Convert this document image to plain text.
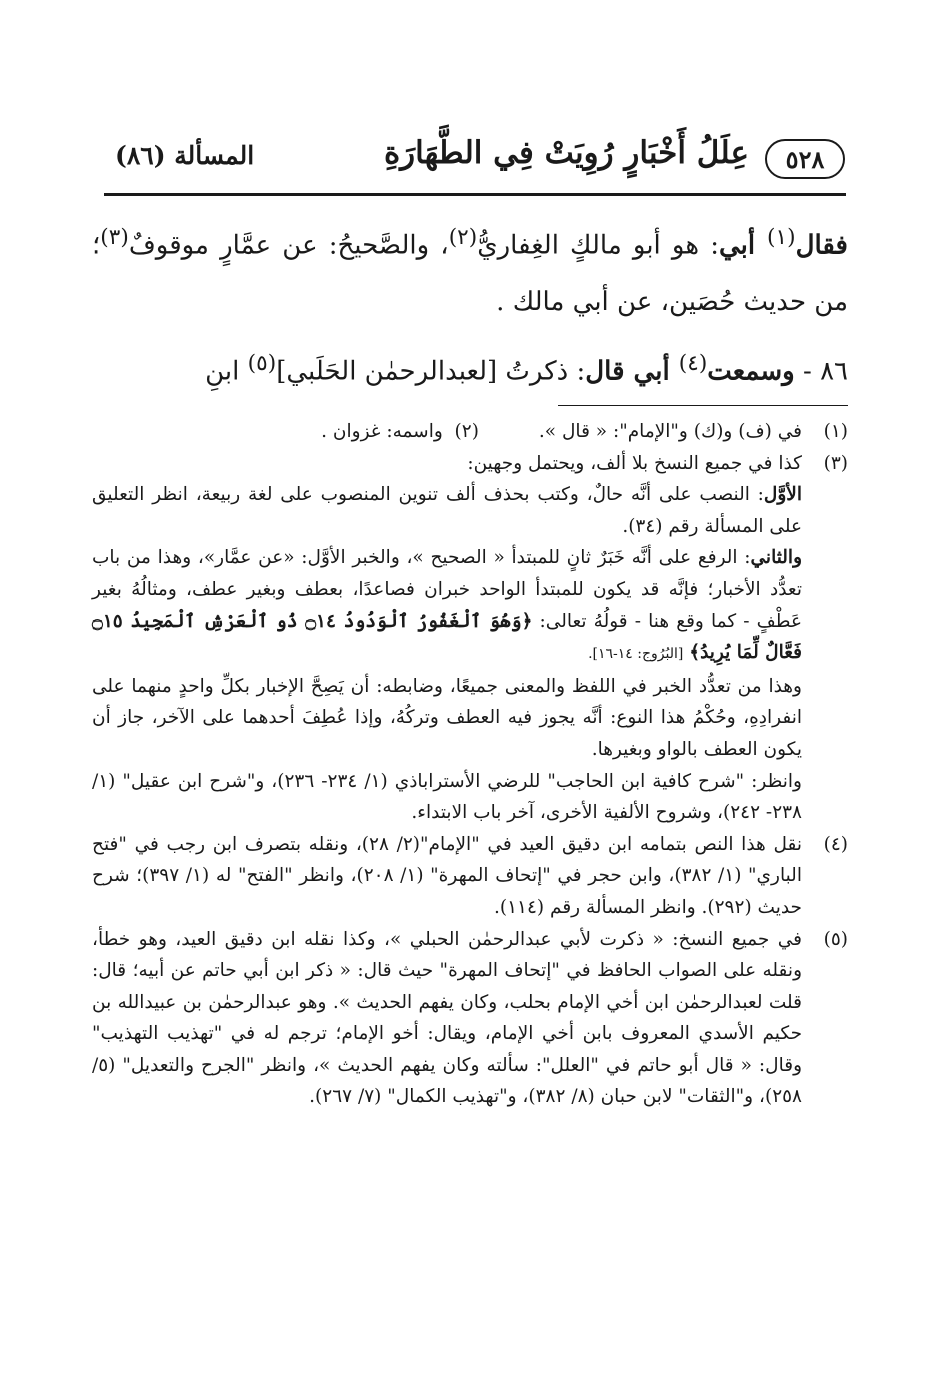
٥٢٨
عِلَلُ أَخْبَارٍ رُوِيَتْ فِي الطَّهَارَةِ
المسألة (٨٦)

فقال$^{(١)}$ أبي: هو أبو مالكٍ الغِفاريُّ$^{(٢)}$، والصَّحيحُ: عن عمَّارٍ موقوفٌ$^{(٣)}$؛ من حديث حُصَين، عن أبي مالك .

٨٦ - وسمعت$^{(٤)}$ أبي قال: ذكرتُ [لعبدالرحمٰن الحَلَبي]$^{(٥)}$ ابنِ

(١)
في (ف) و(ك) و"الإمام": « قال ».
(٢)

واسمه: غزوان .
(٣)

كذا في جميع النسخ بلا ألف، ويحتمل وجهين:

الأوَّل: النصب على أنَّه حالٌ، وكتب بحذف ألف تنوين المنصوب على لغة ربيعة، انظر التعليق على المسألة رقم (٣٤).

والثاني: الرفع على أنَّه خَبَرٌ ثانٍ للمبتدأ « الصحيح »، والخبر الأوَّل: «عن عمَّار»، وهذا من باب تعدُّد الأخبار؛ فإنَّه قد يكون للمبتدأ الواحد خبران فصاعدًا، بعطف وبغير عطف، ومثالُهُ بغير عَطْفٍ - كما وقع هنا - قولُهُ تعالى: ﴿وَهُوَ ٱلْغَفُورُ ٱلْوَدُودُ ۝١٤ ذُو ٱلْعَرْشِ ٱلْمَجِيدُ ۝١٥ فَعَّالٌ لِّمَا يُرِيدُ﴾ [البُرُوج: ١٤-١٦].

وهذا من تعدُّد الخبر في اللفظ والمعنى جميعًا، وضابطه: أن يَصِحَّ الإخبار بكلِّ واحدٍ منهما على انفرادِهِ، وحُكْمُ هذا النوع: أنَّه يجوز فيه العطف وتركُهُ، وإذا عُطِفَ أحدهما على الآخر، جاز أن يكون العطف بالواو وبغيرها.

وانظر: "شرح كافية ابن الحاجب" للرضي الأستراباذي (١/ ٢٣٤- ٢٣٦)، و"شرح ابن عقيل" (١/ ٢٣٨- ٢٤٢)، وشروح الألفية الأخرى، آخر باب الابتداء.

(٤)
نقل هذا النص بتمامه ابن دقيق العيد في "الإمام"(٢/ ٢٨)، ونقله بتصرف ابن رجب في "فتح الباري" (١/ ٣٨٢)، وابن حجر في "إتحاف المهرة" (١/ ٢٠٨)، وانظر "الفتح" له (١/ ٣٩٧)؛ شرح حديث (٢٩٢). وانظر المسألة رقم (١١٤).
(٥)
في جميع النسخ: « ذكرت لأبي عبدالرحمٰن الحبلي »، وكذا نقله ابن دقيق العيد، وهو خطأ، ونقله على الصواب الحافظ في "إتحاف المهرة" حيث قال: « ذكر ابن أبي حاتم عن أبيه؛ قال: قلت لعبدالرحمٰن ابن أخي الإمام بحلب، وكان يفهم الحديث ». وهو عبدالرحمٰن بن عبيدالله بن حكيم الأسدي المعروف بابن أخي الإمام، ويقال: أخو الإمام؛ ترجم له في "تهذيب التهذيب" وقال: « قال أبو حاتم في "العلل": سألته وكان يفهم الحديث »، وانظر "الجرح والتعديل" (٥/ ٢٥٨)، و"الثقات" لابن حبان (٨/ ٣٨٢)، و"تهذيب الكمال" (٧/ ٢٦٧).
